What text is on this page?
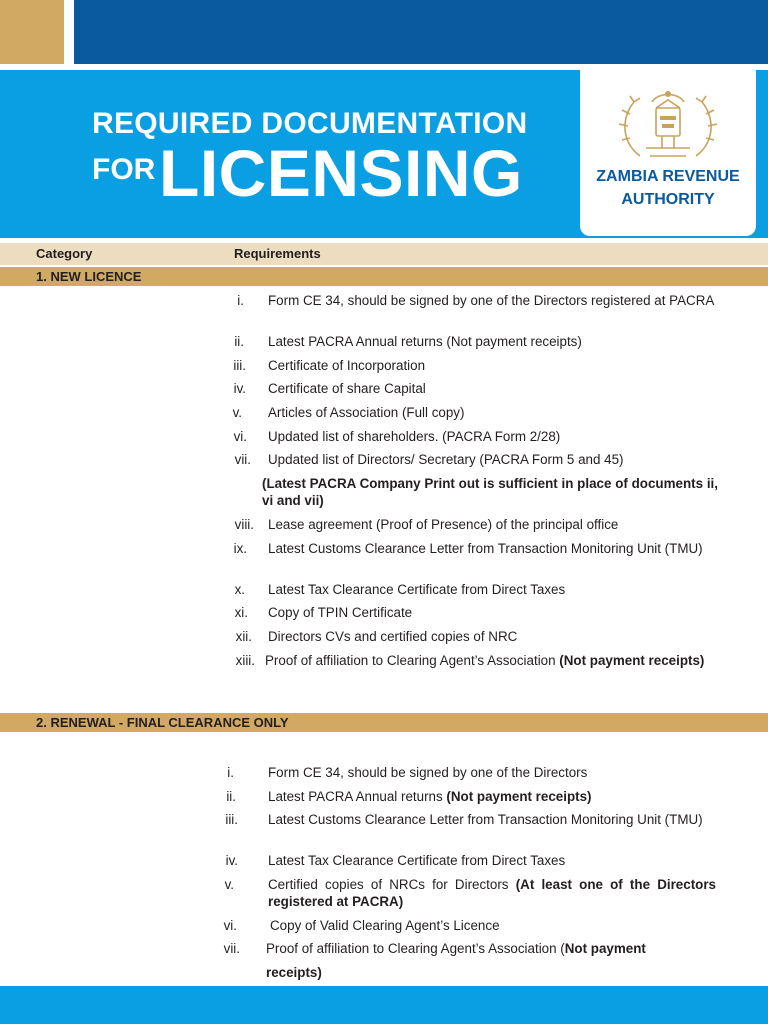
REQUIRED DOCUMENTATION
FOR LICENSING	ZAMBIA REVENUE
AUTHORITY
Category	Requirements
1. NEW LICENCE
i. Form CE 34, should be signed by one of the Directors registered at PACRA
ii. Latest PACRA Annual returns (Not payment receipts)
iii. Certificate of Incorporation
iv. Certificate of share Capital
v. Articles of Association (Full copy)
vi. Updated list of shareholders. (PACRA Form 2/28)
vii. Updated list of Directors/ Secretary (PACRA Form 5 and 45)
(Latest PACRA Company Print out is sufficient in place of documents ii, vi and vii)
viii. Lease agreement (Proof of Presence) of the principal office
ix.	Latest Customs Clearance Letter from Transaction Monitoring Unit (TMU)
x. Latest Tax Clearance Certificate from Direct Taxes
xi. Copy of TPIN Certificate
xii. Directors CVs and certified copies of NRC
xiii. Proof of affiliation to Clearing Agent’s Association (Not payment receipts)
2. RENEWAL - FINAL CLEARANCE ONLY
i.	Form CE 34, should be signed by one of the Directors
ii. Latest PACRA Annual returns (Not payment receipts)
iii. Latest Customs Clearance Letter from Transaction Monitoring Unit (TMU)
iv. Latest Tax Clearance Certificate from Direct Taxes
v.	Certified copies of NRCs for Directors (At least one of the Directors registered at PACRA)
vi. Copy of Valid Clearing Agent’s Licence
vii. Proof of affiliation to Clearing Agent’s Association (Not payment receipts)
